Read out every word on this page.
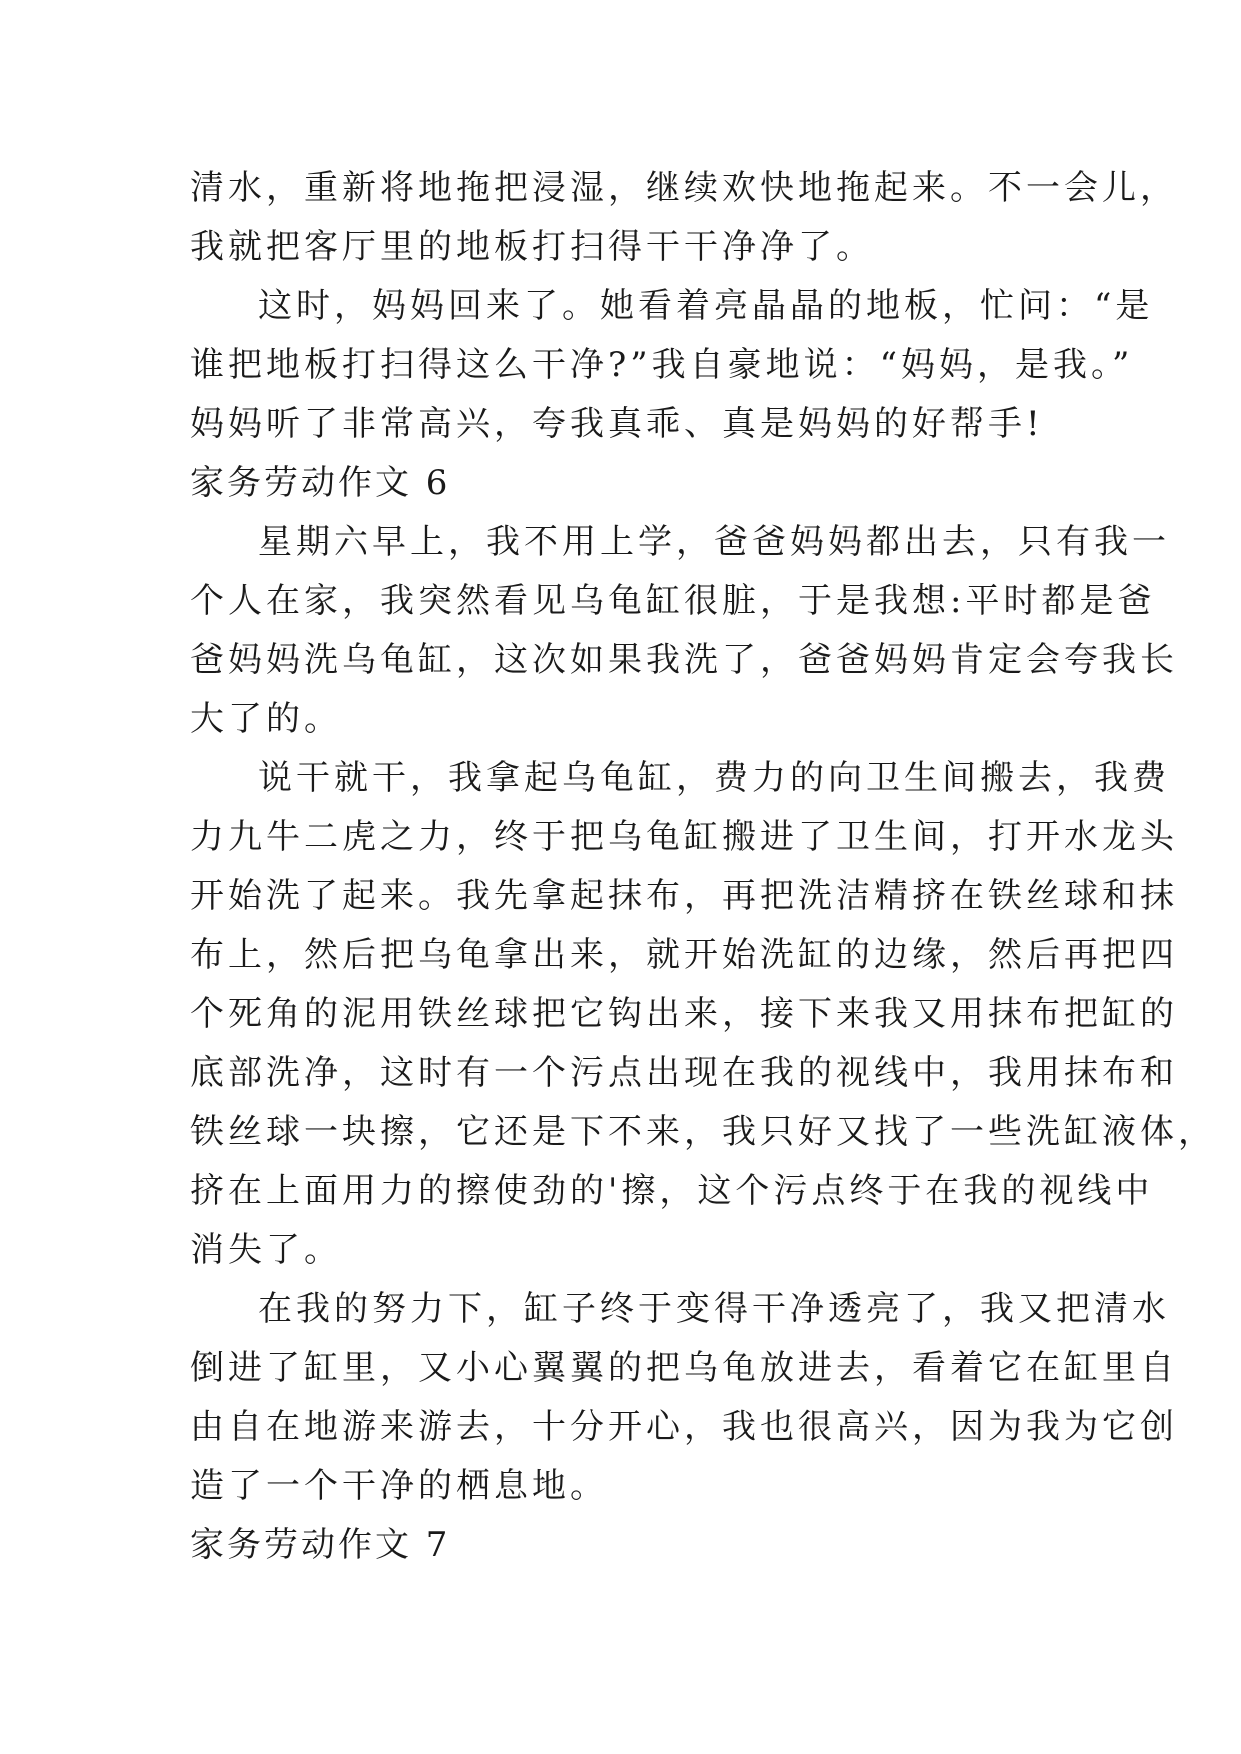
清水，重新将地拖把浸湿，继续欢快地拖起来。不一会儿，
我就把客厅里的地板打扫得干干净净了。
这时，妈妈回来了。她看着亮晶晶的地板，忙问：“是
谁把地板打扫得这么干净?”我自豪地说：“妈妈，是我。”
妈妈听了非常高兴，夸我真乖、真是妈妈的好帮手!
家务劳动作文 6
星期六早上，我不用上学，爸爸妈妈都出去，只有我一
个人在家，我突然看见乌龟缸很脏，于是我想:平时都是爸
爸妈妈洗乌龟缸，这次如果我洗了，爸爸妈妈肯定会夸我长
大了的。
说干就干，我拿起乌龟缸，费力的向卫生间搬去，我费
力九牛二虎之力，终于把乌龟缸搬进了卫生间，打开水龙头
开始洗了起来。我先拿起抹布，再把洗洁精挤在铁丝球和抹
布上，然后把乌龟拿出来，就开始洗缸的边缘，然后再把四
个死角的泥用铁丝球把它钩出来，接下来我又用抹布把缸的
底部洗净，这时有一个污点出现在我的视线中，我用抹布和
铁丝球一块擦，它还是下不来，我只好又找了一些洗缸液体，
挤在上面用力的擦使劲的'擦，这个污点终于在我的视线中
消失了。
在我的努力下，缸子终于变得干净透亮了，我又把清水
倒进了缸里，又小心翼翼的把乌龟放进去，看着它在缸里自
由自在地游来游去，十分开心，我也很高兴，因为我为它创
造了一个干净的栖息地。
家务劳动作文 7
